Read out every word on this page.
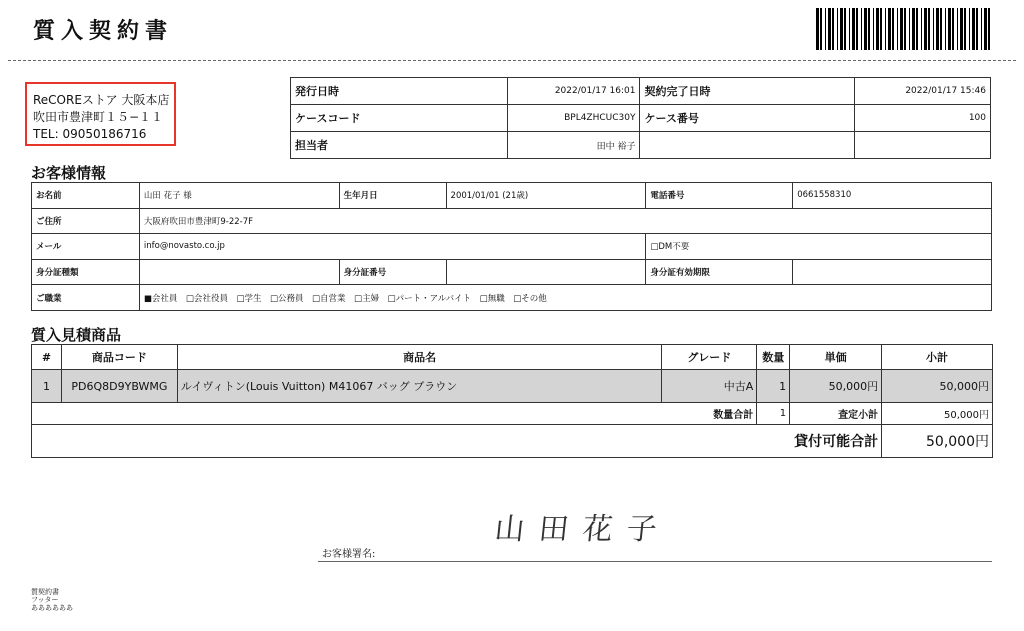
質入契約書
ReCOREストア 大阪本店
吹田市豊津町１５−１１
TEL: 09050186716
発行日時	2022/01/17 16:01	契約完了日時	2022/01/17 15:46
ケースコード	BPL4ZHCUC30Y	ケース番号	100
担当者	田中 裕子		
お客様情報
お名前	山田 花子 様	生年月日	2001/01/01 (21歳)	電話番号	0661558310
ご住所	大阪府吹田市豊津町9-22-7F				
メール	info@novasto.co.jp			□DM不要	
身分証種類		身分証番号		身分証有効期限	
ご職業	■会社員　□会社役員　□学生　□公務員　□自営業　□主婦　□パート・アルバイト　□無職　□その他				
質入見積商品
#	商品コード	商品名	グレード	数量	単価	小計
1	PD6Q8D9YBWMG	ルイヴィトン(Louis Vuitton) M41067 バッグ ブラウン	中古A	1	50,000円	50,000円
数量合計				1	査定小計	50,000円
貸付可能合計						50,000円
山田花子
お客様署名:
質契約書
フッター
ああああああ
